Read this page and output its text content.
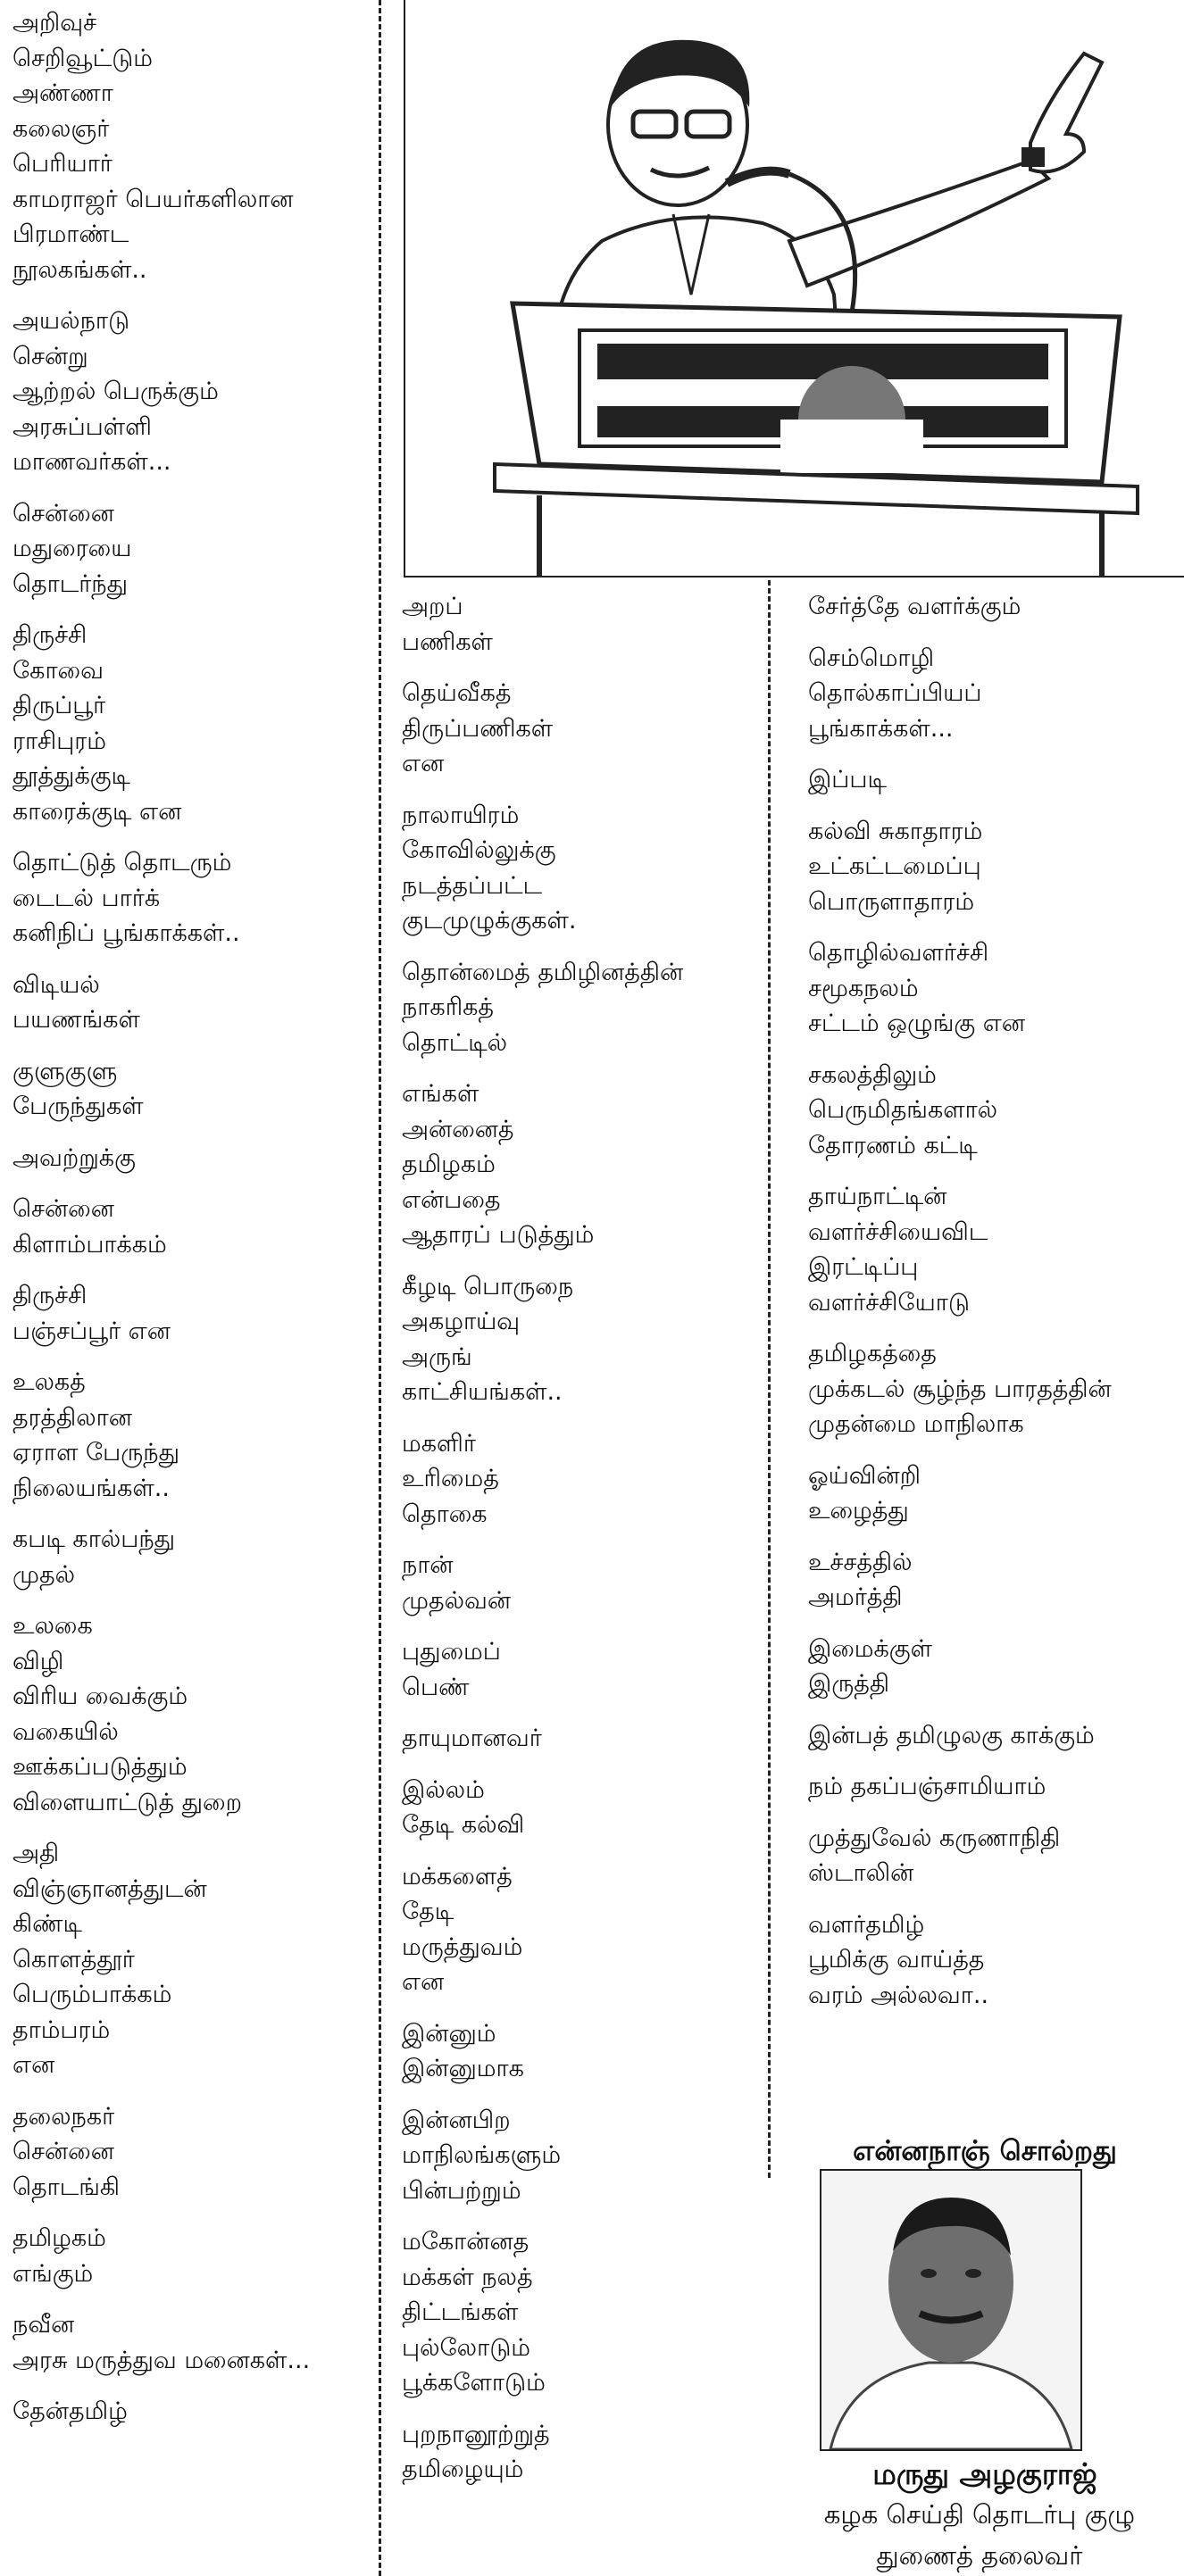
அறிவுச்
செறிவூட்டும்
அண்ணா
கலைஞர்
பெரியார்
காமராஜர் பெயர்களிலான
பிரமாண்ட
நூலகங்கள்..
அயல்நாடு
சென்று
ஆற்றல் பெருக்கும்
அரசுப்பள்ளி
மாணவர்கள்...
சென்னை
மதுரையை
தொடர்ந்து
திருச்சி
கோவை
திருப்பூர்
ராசிபுரம்
தூத்துக்குடி
காரைக்குடி என
தொட்டுத் தொடரும்
டைடல் பார்க்
கனிநிப் பூங்காக்கள்..
விடியல்
பயணங்கள்
குளுகுளு
பேருந்துகள்
அவற்றுக்கு
சென்னை
கிளாம்பாக்கம்
திருச்சி
பஞ்சப்பூர் என
உலகத்
தரத்திலான
ஏராள பேருந்து
நிலையங்கள்..
கபடி கால்பந்து
முதல்
உலகை
விழி
விரிய வைக்கும்
வகையில்
ஊக்கப்படுத்தும்
விளையாட்டுத் துறை
அதி
விஞ்ஞானத்துடன்
கிண்டி
கொளத்தூர்
பெரும்பாக்கம்
தாம்பரம்
என
தலைநகர்
சென்னை
தொடங்கி
தமிழகம்
எங்கும்
நவீன
அரசு மருத்துவ மனைகள்...
தேன்தமிழ்
அறப்
பணிகள்
தெய்வீகத்
திருப்பணிகள்
என
நாலாயிரம்
கோவில்லுக்கு
நடத்தப்பட்ட
குடமுழுக்குகள்.
தொன்மைத் தமிழினத்தின்
நாகரிகத்
தொட்டில்
எங்கள்
அன்னைத்
தமிழகம்
என்பதை
ஆதாரப் படுத்தும்
கீழடி பொருநை
அகழாய்வு
அருங்
காட்சியங்கள்..
மகளிர்
உரிமைத்
தொகை
நான்
முதல்வன்
புதுமைப்
பெண்
தாயுமானவர்
இல்லம்
தேடி கல்வி
மக்களைத்
தேடி
மருத்துவம்
என
இன்னும்
இன்னுமாக
இன்னபிற
மாநிலங்களும்
பின்பற்றும்
மகோன்னத
மக்கள் நலத்
திட்டங்கள்
புல்லோடும்
பூக்களோடும்
புறநானூற்றுத்
தமிழையும்
சேர்த்தே வளர்க்கும்
செம்மொழி
தொல்காப்பியப்
பூங்காக்கள்...
இப்படி
கல்வி சுகாதாரம்
உட்கட்டமைப்பு
பொருளாதாரம்
தொழில்வளர்ச்சி
சமூகநலம்
சட்டம் ஒழுங்கு என
சகலத்திலும்
பெருமிதங்களால்
தோரணம் கட்டி
தாய்நாட்டின்
வளர்ச்சியைவிட
இரட்டிப்பு
வளர்ச்சியோடு
தமிழகத்தை
முக்கடல் சூழ்ந்த பாரதத்தின்
முதன்மை மாநிலாக
ஓய்வின்றி
உழைத்து
உச்சத்தில்
அமர்த்தி
இமைக்குள்
இருத்தி
இன்பத் தமிழுலகு காக்கும்
நம் தகப்பஞ்சாமியாம்
முத்துவேல் கருணாநிதி
ஸ்டாலின்
வளர்தமிழ்
பூமிக்கு வாய்த்த
வரம் அல்லவா..
என்னநாஞ் சொல்றது
மருது அழகுராஜ்
கழக செய்தி தொடர்பு குழு
துணைத் தலைவர்
